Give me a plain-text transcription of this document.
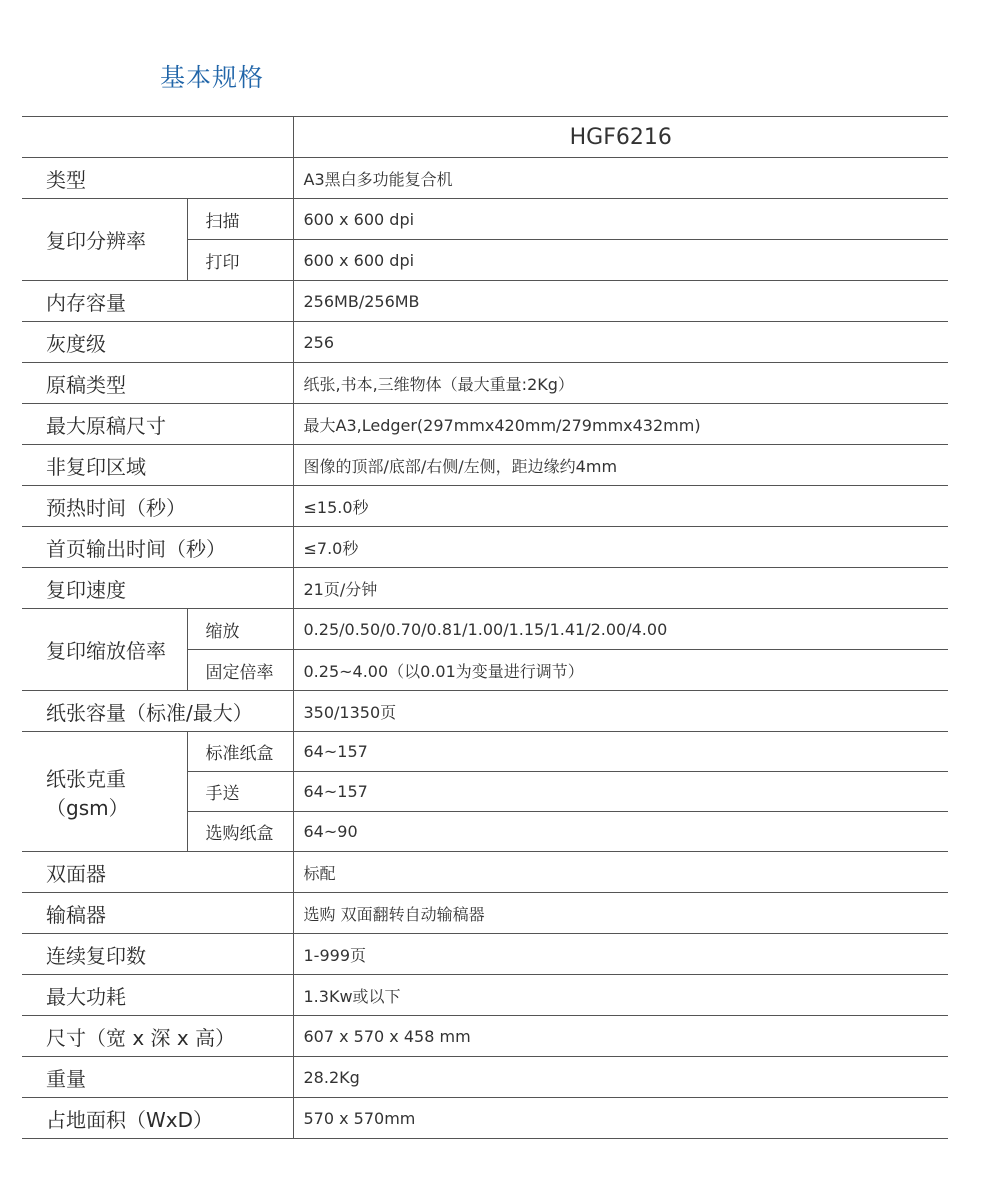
基本规格
		HGF6216
类型		A3黑白多功能复合机
复印分辨率	扫描	600 x 600 dpi
	打印	600 x 600 dpi
内存容量		256MB/256MB
灰度级		256
原稿类型		纸张,书本,三维物体（最大重量:2Kg）
最大原稿尺寸		最大A3,Ledger(297mmx420mm/279mmx432mm)
非复印区域		图像的顶部/底部/右侧/左侧，距边缘约4mm
预热时间（秒）		≤15.0秒
首页输出时间（秒）		≤7.0秒
复印速度		21页/分钟
复印缩放倍率	缩放	0.25/0.50/0.70/0.81/1.00/1.15/1.41/2.00/4.00
	固定倍率	0.25~4.00（以0.01为变量进行调节）
纸张容量（标准/最大）		350/1350页

纸张克重
（gsm）	标准纸盒	64~157
	手送	64~157
	选购纸盒	64~90
双面器		标配
输稿器		选购 双面翻转自动输稿器
连续复印数		1-999页
最大功耗		1.3Kw或以下
尺寸（宽 x 深 x 高）		607 x 570 x 458 mm
重量		28.2Kg
占地面积（WxD）		570 x 570mm
